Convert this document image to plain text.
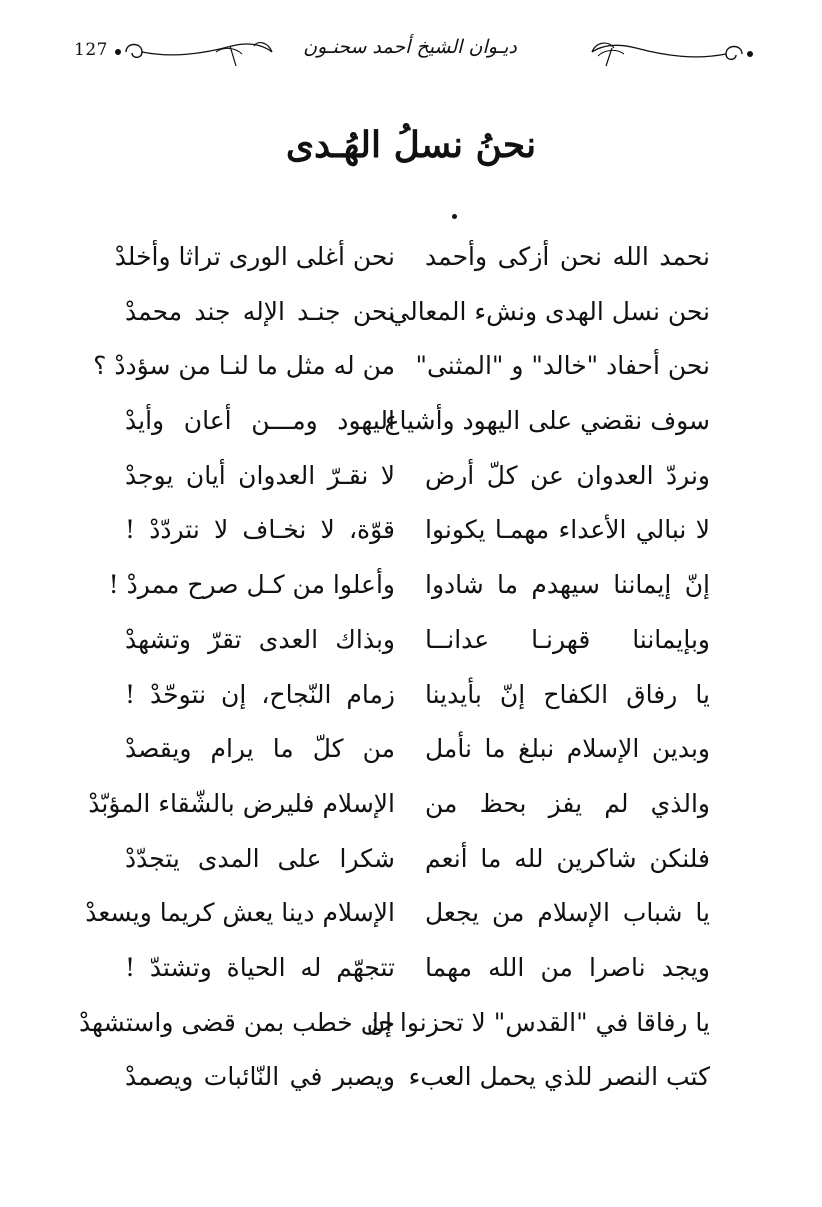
127	ديـوان الشيخ أحمد سحنـون
نحنُ نسلُ الهُـدى
نحمد الله نحن أزكى وأحمد
نحن أغلى الورى تراثا وأخلدْ
نحن نسل الهدى ونشء المعالي
نحن جنـد الإله جند محمدْ
نحن أحفاد "خالد" و "المثنى"
من له مثل ما لنـا من سؤددْ ؟
سوف نقضي على اليهود وأشياع
اليهود ومـــن أعان وأيدْ
ونردّ العدوان عن كلّ أرض
لا نقـرّ العدوان أيان يوجدْ
لا نبالي الأعداء مهمـا يكونوا
قوّة، لا نخـاف لا نتردّدْ !
إنّ إيماننا سيهدم ما شادوا
وأعلوا من كـل صرح ممردْ !
وبإيماننا قهرنـا عدانــا
وبذاك العدى تقرّ وتشهدْ
يا رفاق الكفاح إنّ بأيدينا
زمام النّجاح، إن نتوحّدْ !
وبدين الإسلام نبلغ ما نأمل
من كلّ ما يرام ويقصدْ
والذي لم يفز بحظ من
الإسلام فليرض بالشّقاء المؤبّدْ
فلنكن شاكرين لله ما أنعم
شكرا على المدى يتجدّدْ
يا شباب الإسلام من يجعل
الإسلام دينا يعش كريما ويسعدْ
ويجد ناصرا من الله مهما
تتجهّم له الحياة وتشتدّ !
يا رفاقا في "القدس" لا تحزنوا إن
جل خطب بمن قضى واستشهدْ
كتب النصر للذي يحمل العبء
ويصبر في النّائبات ويصمدْ
